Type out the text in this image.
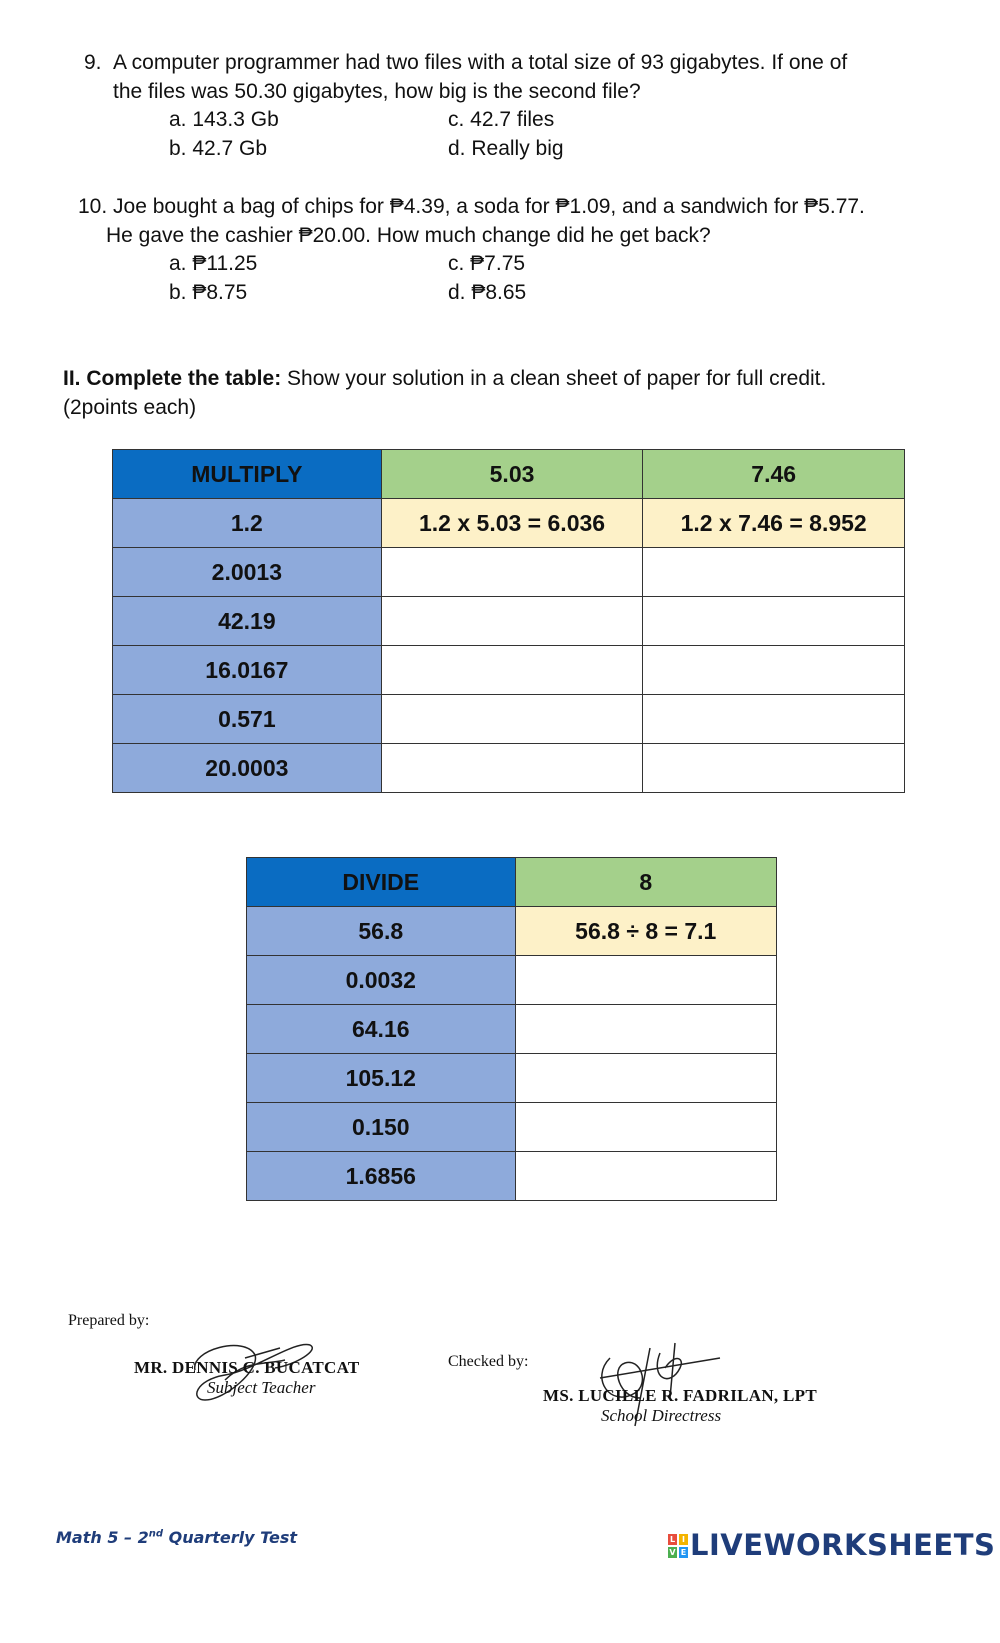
9. A computer programmer had two files with a total size of 93 gigabytes. If one of
the files was 50.30 gigabytes, how big is the second file?
a. 143.3 Gb
b. 42.7 Gb
c. 42.7 files
d. Really big
10. Joe bought a bag of chips for ₱4.39, a soda for ₱1.09, and a sandwich for ₱5.77.
He gave the cashier ₱20.00. How much change did he get back?
a. ₱11.25
b. ₱8.75
c. ₱7.75
d. ₱8.65
II. Complete the table: Show your solution in a clean sheet of paper for full credit.
(2points each)
MULTIPLY	5.03	7.46
1.2	1.2 x 5.03 = 6.036	1.2 x 7.46 = 8.952
2.0013		
42.19		
16.0167		
0.571		
20.0003		
DIVIDE	8
56.8	56.8 ÷ 8 = 7.1
0.0032	
64.16	
105.12	
0.150	
1.6856	
Prepared by:
MR. DENNIS C. BUCATCAT
Subject Teacher
Checked by:
MS. LUCILLE R. FADRILAN, LPT
School Directress
Math 5 – 2nd Quarterly Test	L I
V E LIVEWORKSHEETS
